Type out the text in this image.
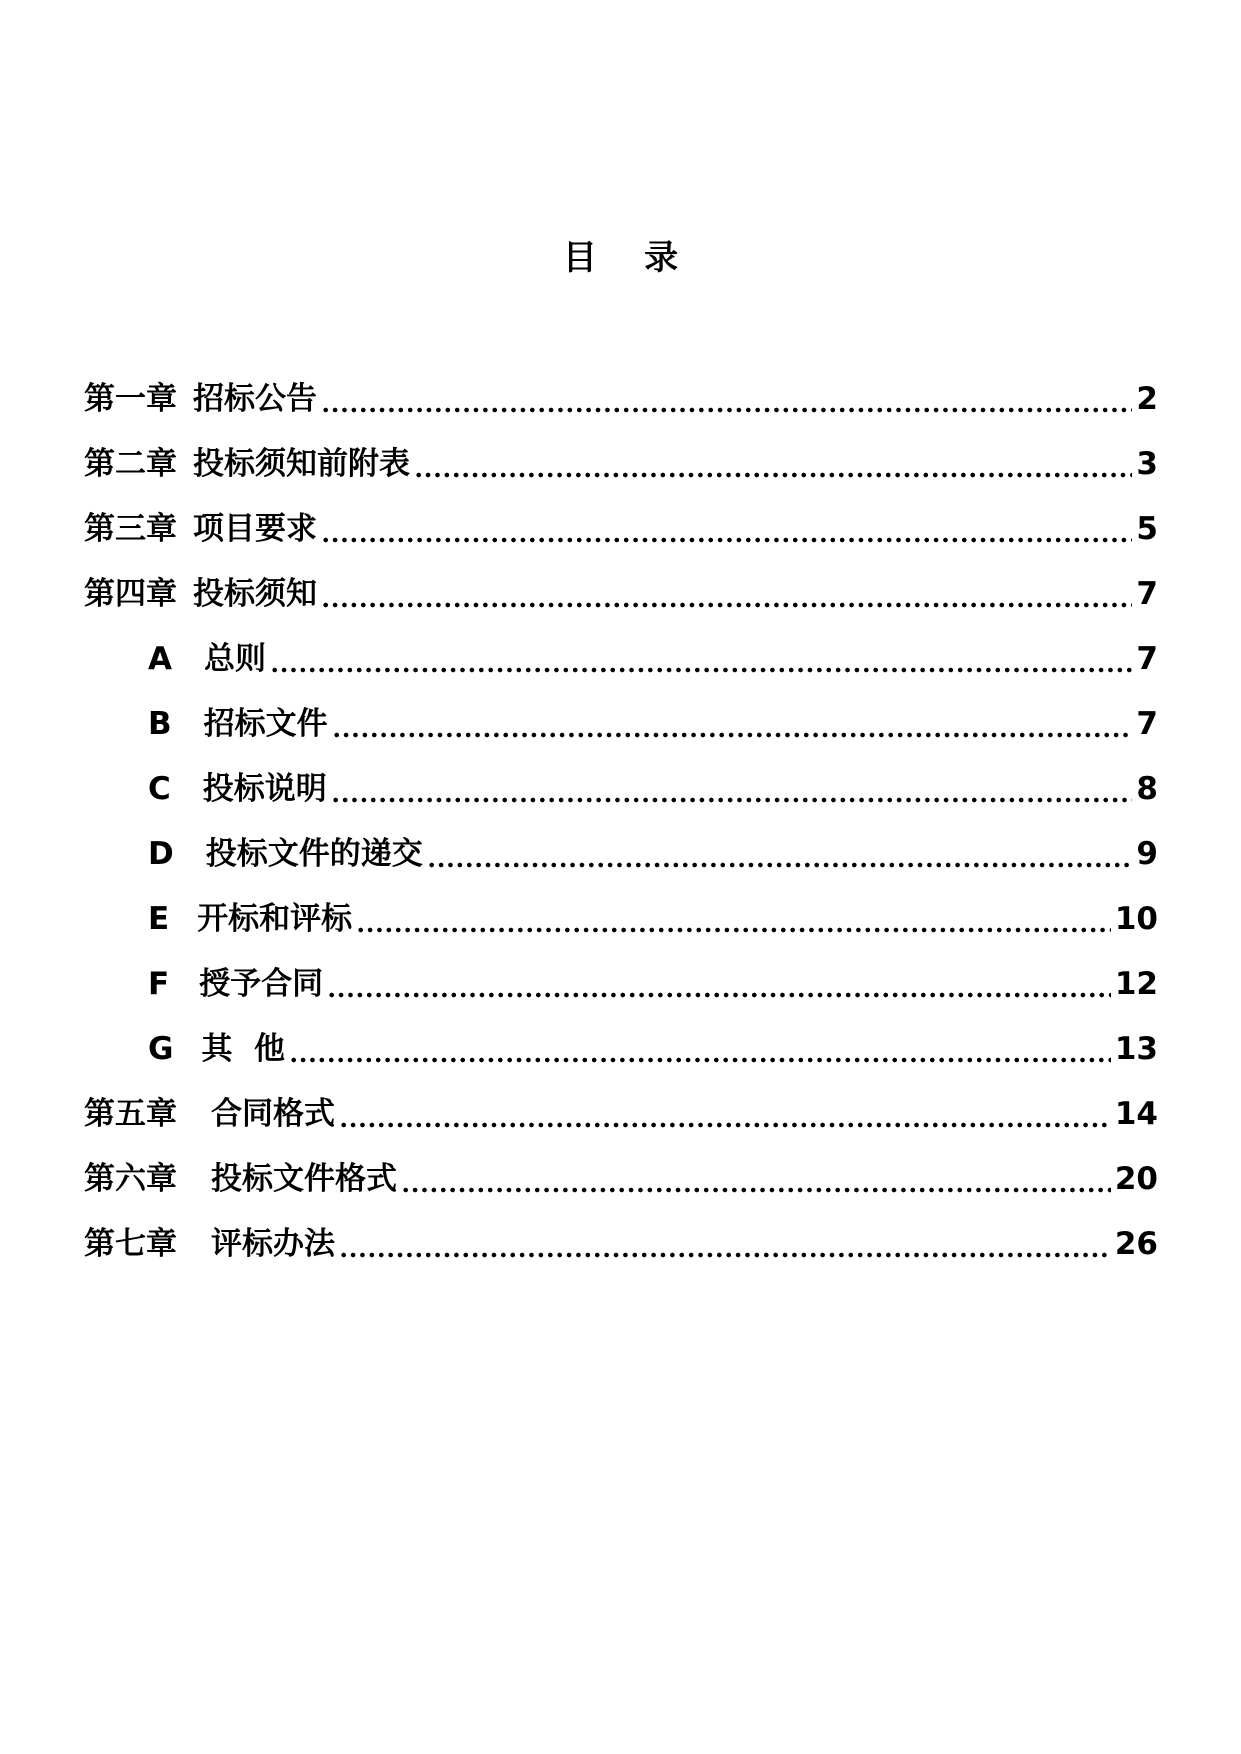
目    录
第一章 招标公告	2
第二章 投标须知前附表	3
第三章 项目要求	5
第四章 投标须知	7
A 总则	7
B 招标文件	7
C 投标说明	8
D 投标文件的递交	9
E 开标和评标	10
F 授予合同	12
G 其  他	13
第五章 合同格式	14
第六章 投标文件格式	20
第七章 评标办法	26
